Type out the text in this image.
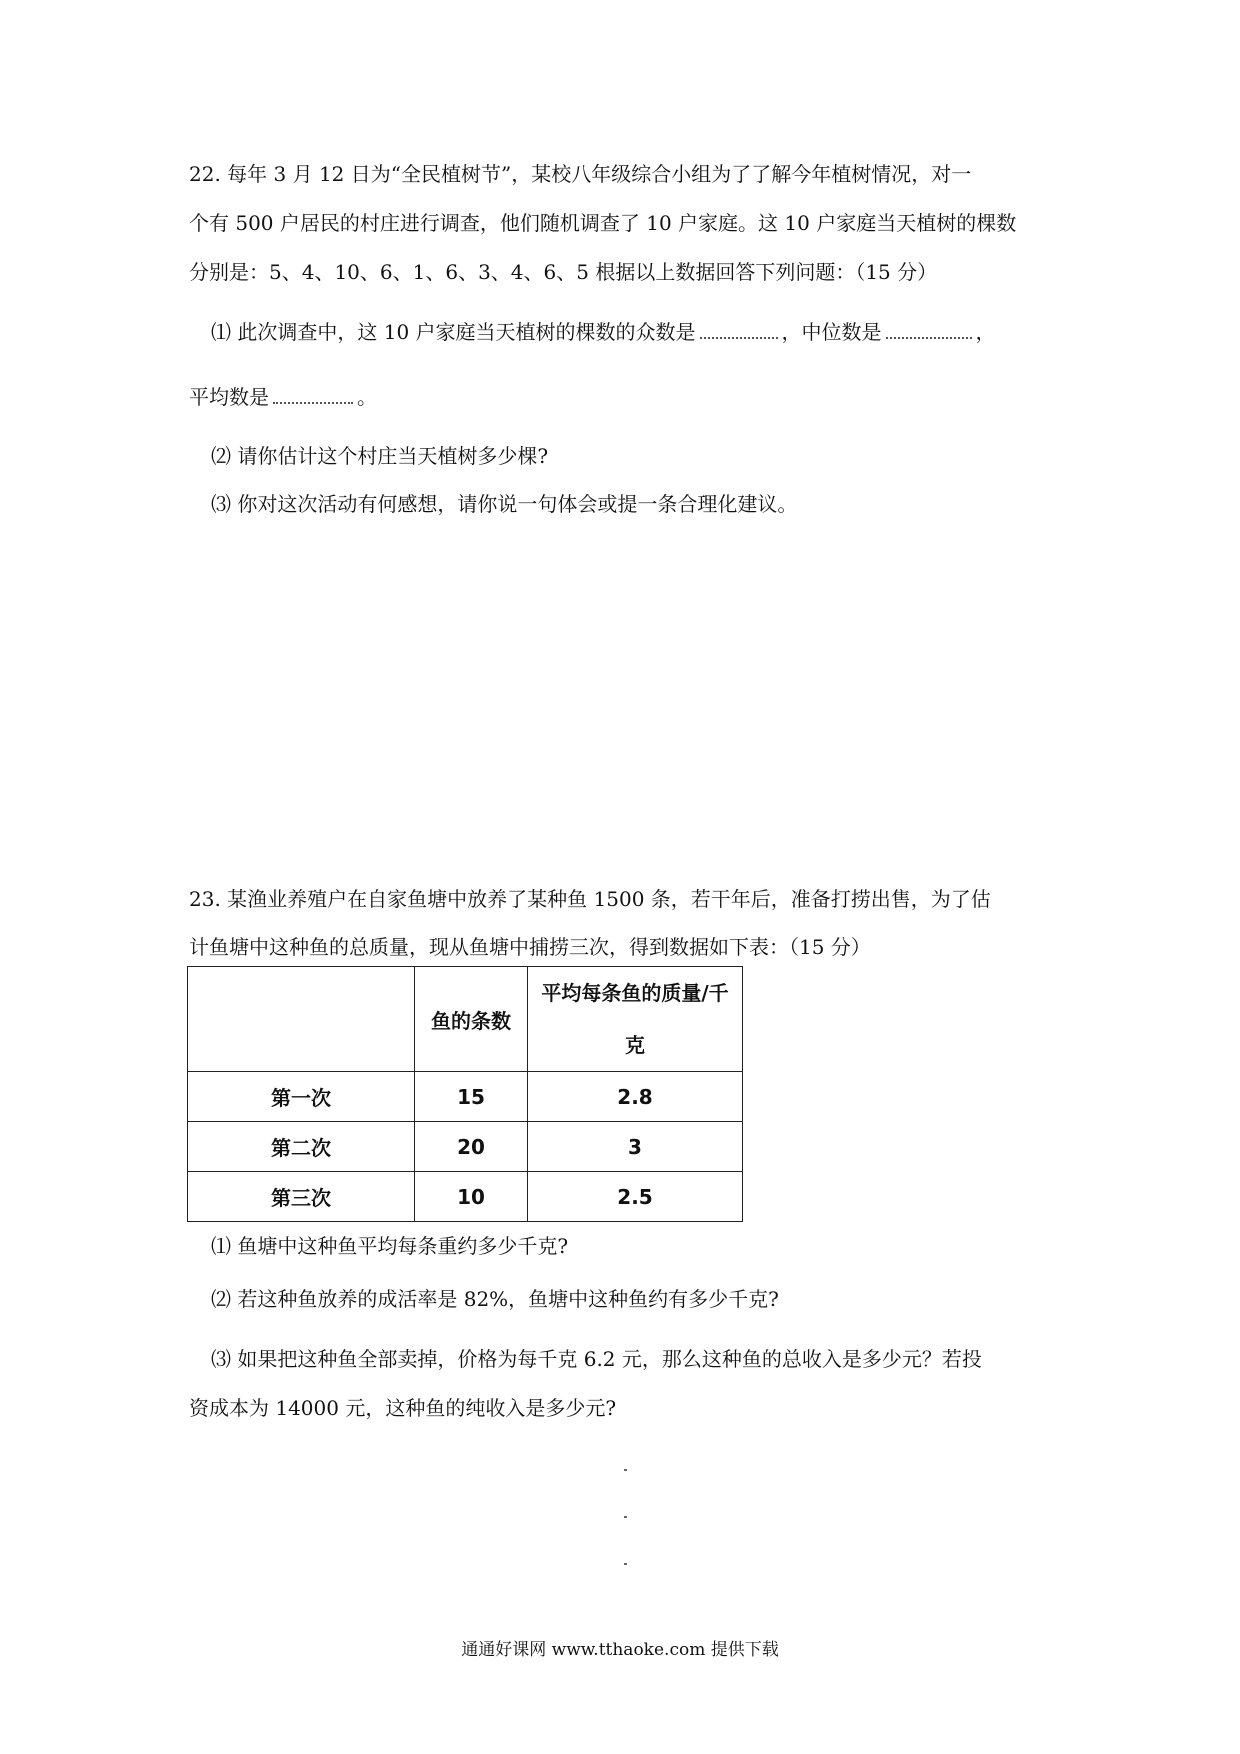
22. 每年 3 月 12 日为“全民植树节”，某校八年级综合小组为了了解今年植树情况，对一
个有 500 户居民的村庄进行调查，他们随机调查了 10 户家庭。这 10 户家庭当天植树的棵数
分别是：5、4、10、6、1、6、3、4、6、5 根据以上数据回答下列问题：（15 分）
⑴ 此次调查中，这 10 户家庭当天植树的棵数的众数是	，中位数是	，
平均数是	。
⑵ 请你估计这个村庄当天植树多少棵?
⑶ 你对这次活动有何感想，请你说一句体会或提一条合理化建议。
23. 某渔业养殖户在自家鱼塘中放养了某种鱼 1500 条，若干年后，准备打捞出售，为了估
计鱼塘中这种鱼的总质量，现从鱼塘中捕捞三次，得到数据如下表：（15 分）
	鱼的条数	平均每条鱼的质量/千
克

第一次	15	2.8
第二次	20	3
第三次	10	2.5
⑴ 鱼塘中这种鱼平均每条重约多少千克?
⑵ 若这种鱼放养的成活率是 82%，鱼塘中这种鱼约有多少千克?
⑶ 如果把这种鱼全部卖掉，价格为每千克 6.2 元，那么这种鱼的总收入是多少元？若投
资成本为 14000 元，这种鱼的纯收入是多少元?
通通好课网 www.tthaoke.com 提供下载
